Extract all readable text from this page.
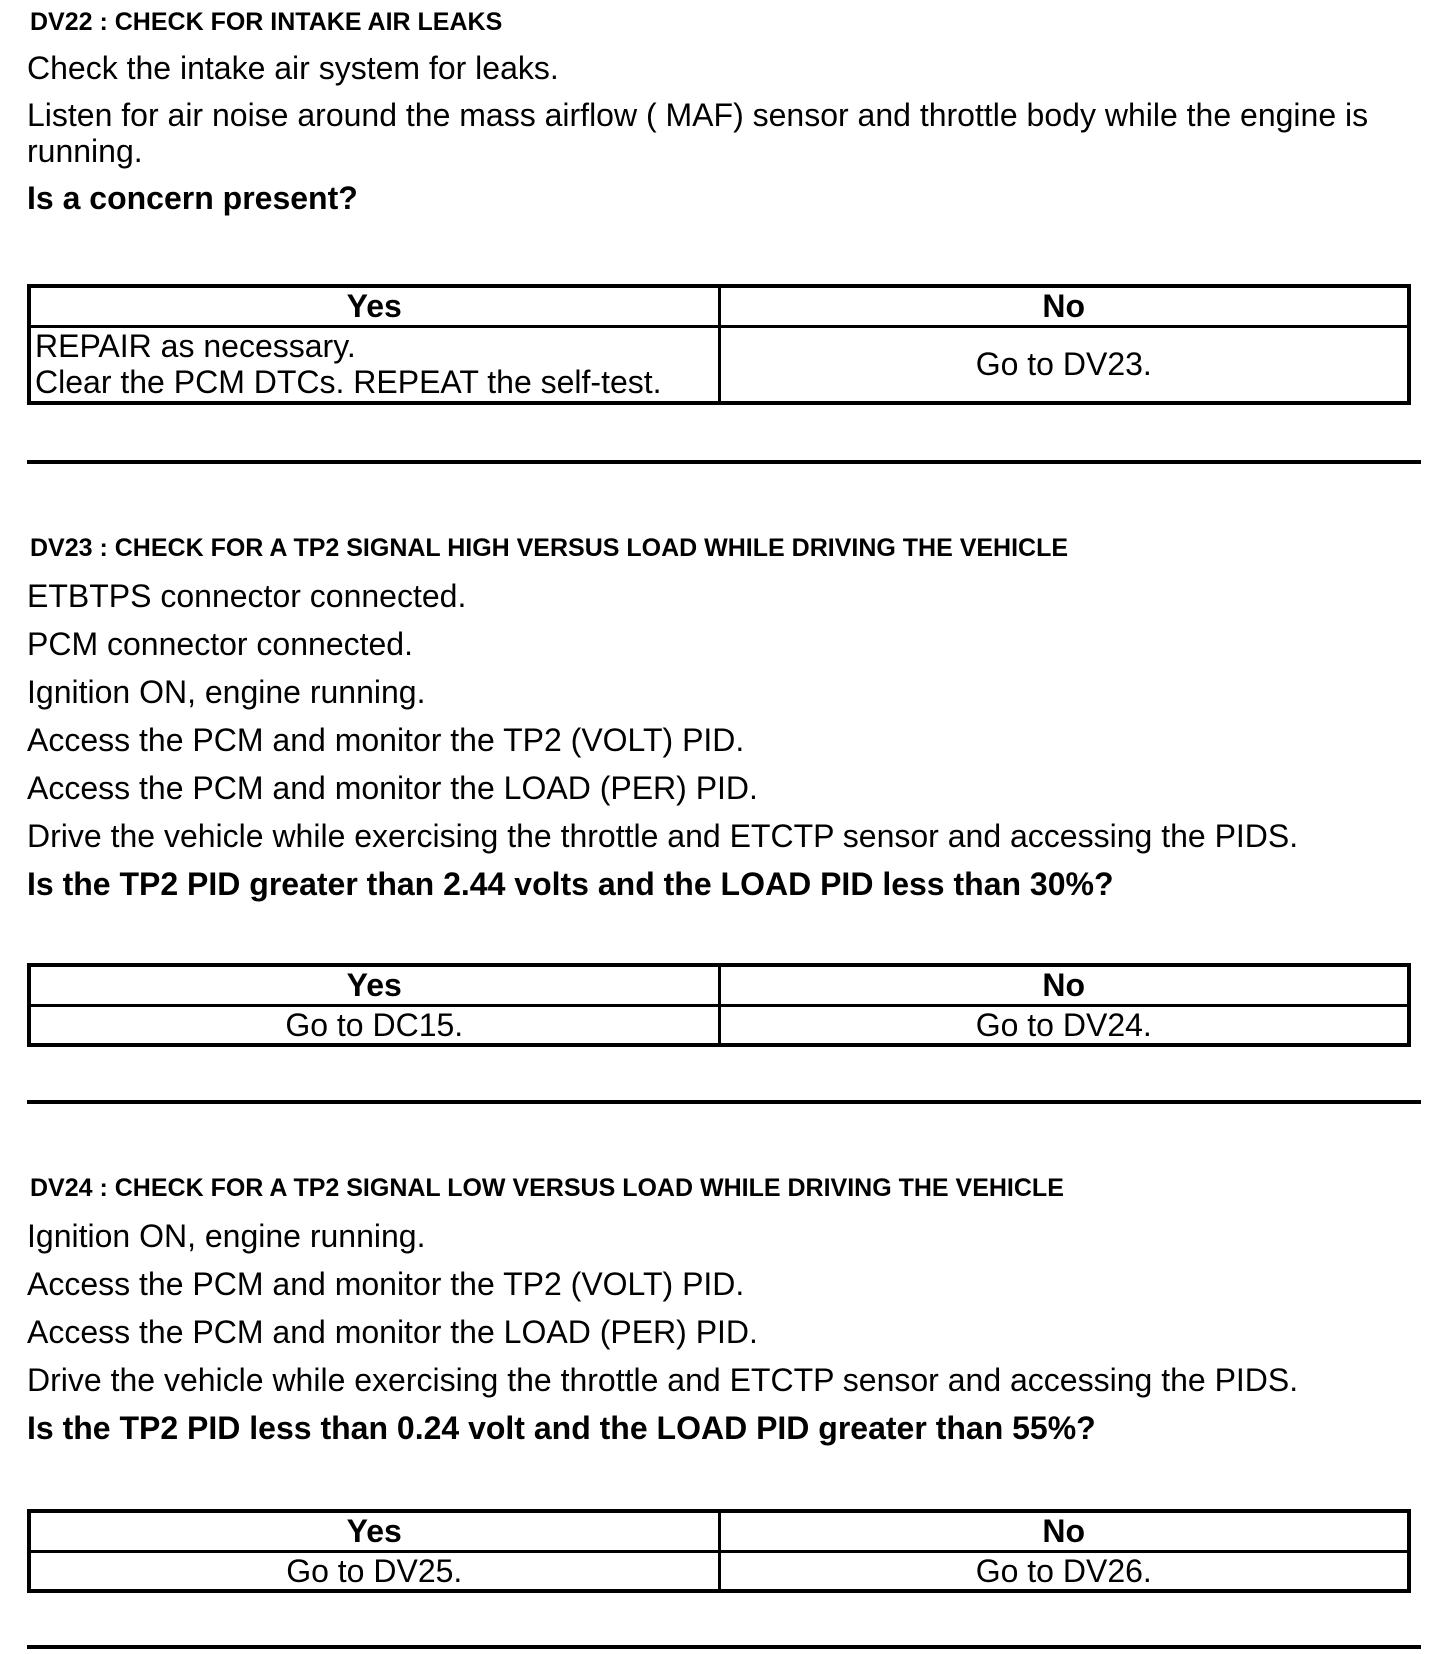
DV22 : CHECK FOR INTAKE AIR LEAKS

Check the intake air system for leaks.

Listen for air noise around the mass airflow ( MAF) sensor and throttle body while the engine is running.

Is a concern present?

Yes	No

REPAIR as necessary.
Clear the PCM DTCs. REPEAT the self-test.	Go to DV23.

DV23 : CHECK FOR A TP2 SIGNAL HIGH VERSUS LOAD WHILE DRIVING THE VEHICLE

ETBTPS connector connected.

PCM connector connected.

Ignition ON, engine running.

Access the PCM and monitor the TP2 (VOLT) PID.

Access the PCM and monitor the LOAD (PER) PID.

Drive the vehicle while exercising the throttle and ETCTP sensor and accessing the PIDS.

Is the TP2 PID greater than 2.44 volts and the LOAD PID less than 30%?

Yes	No
Go to DC15.	Go to DV24.

DV24 : CHECK FOR A TP2 SIGNAL LOW VERSUS LOAD WHILE DRIVING THE VEHICLE

Ignition ON, engine running.

Access the PCM and monitor the TP2 (VOLT) PID.

Access the PCM and monitor the LOAD (PER) PID.

Drive the vehicle while exercising the throttle and ETCTP sensor and accessing the PIDS.

Is the TP2 PID less than 0.24 volt and the LOAD PID greater than 55%?

Yes	No
Go to DV25.	Go to DV26.
